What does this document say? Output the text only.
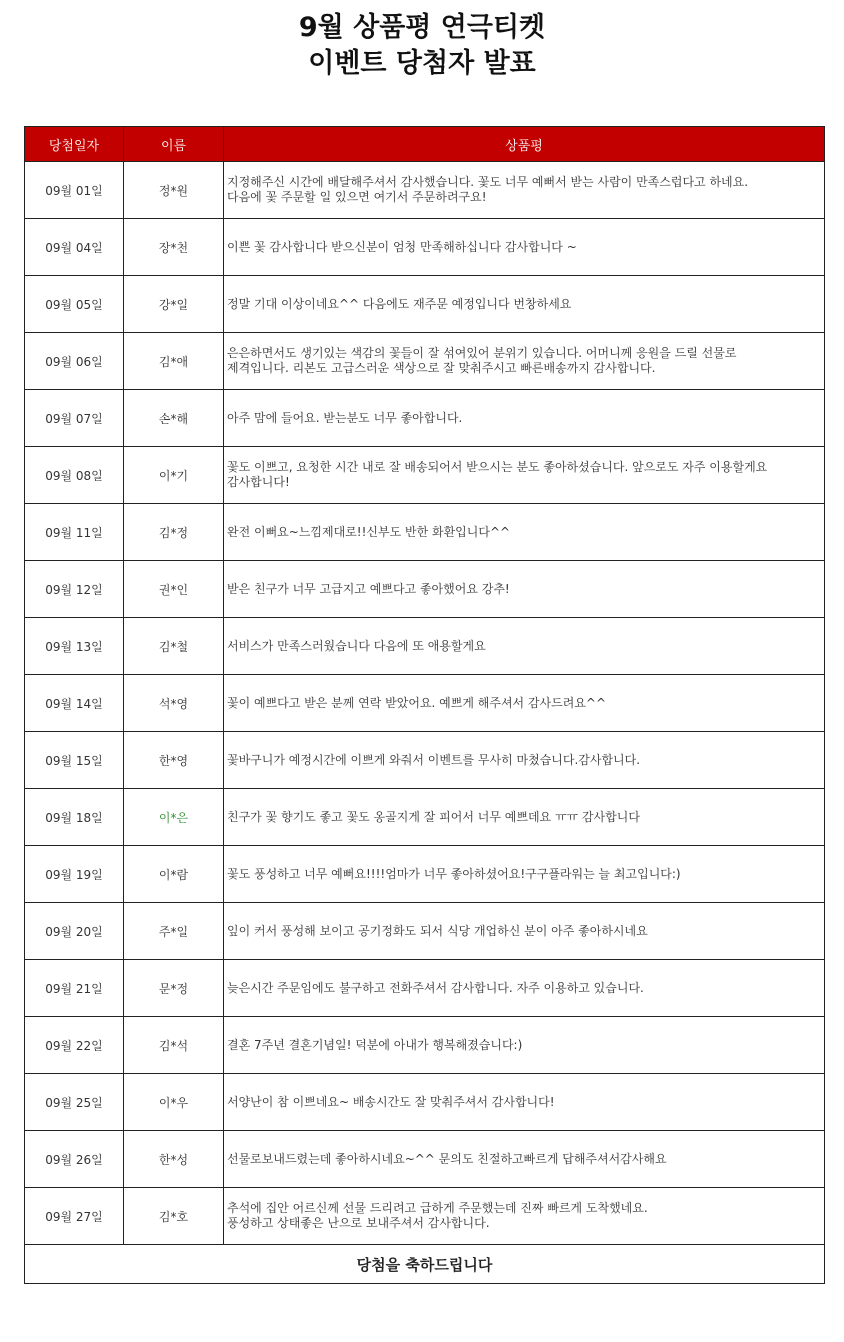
9월 상품평 연극티켓
이벤트 당첨자 발표
당첨일자	이름	상품평
09월 01일	정*원	지정해주신 시간에 배달해주셔서 감사했습니다. 꽃도 너무 예뻐서 받는 사람이 만족스럽다고 하네요.
다음에 꽃 주문할 일 있으면 여기서 주문하려구요!
09월 04일	장*천	이쁜 꽃 감사합니다 받으신분이 엄청 만족해하십니다 감사합니다 ~
09월 05일	강*일	정말 기대 이상이네요^^ 다음에도 재주문 예정입니다 번창하세요
09월 06일	김*애	은은하면서도 생기있는 색감의 꽃들이 잘 섞여있어 분위기 있습니다. 어머니께 응원을 드릴 선물로
제격입니다. 리본도 고급스러운 색상으로 잘 맞춰주시고 빠른배송까지 감사합니다.
09월 07일	손*해	아주 맘에 들어요. 받는분도 너무 좋아합니다.
09월 08일	이*기	꽃도 이쁘고, 요청한 시간 내로 잘 배송되어서 받으시는 분도 좋아하셨습니다. 앞으로도 자주 이용할게요
감사합니다!
09월 11일	김*정	완전 이뻐요~느낌제대로!!신부도 반한 화환입니다^^
09월 12일	권*인	받은 친구가 너무 고급지고 예쁘다고 좋아했어요 강추!
09월 13일	김*철	서비스가 만족스러웠습니다 다음에 또 애용할게요
09월 14일	석*영	꽃이 예쁘다고 받은 분께 연락 받았어요. 예쁘게 해주셔서 감사드려요^^
09월 15일	한*영	꽃바구니가 예정시간에 이쁘게 와줘서 이벤트를 무사히 마쳤습니다.감사합니다.
09월 18일	이*은	친구가 꽃 향기도 좋고 꽃도 옹골지게 잘 피어서 너무 예쁘데요 ㅠㅠ 감사합니다
09월 19일	이*람	꽃도 풍성하고 너무 예뻐요!!!!엄마가 너무 좋아하셨어요!구구플라워는 늘 최고입니다:)
09월 20일	주*일	잎이 커서 풍성해 보이고 공기정화도 되서 식당 개업하신 분이 아주 좋아하시네요
09월 21일	문*정	늦은시간 주문임에도 불구하고 전화주셔서 감사합니다. 자주 이용하고 있습니다.
09월 22일	김*석	결혼 7주년 결혼기념일! 덕분에 아내가 행복해졌습니다:)
09월 25일	이*우	서양난이 참 이쁘네요~ 배송시간도 잘 맞춰주셔서 감사합니다!
09월 26일	한*성	선물로보내드렸는데 좋아하시네요~^^ 문의도 친절하고빠르게 답해주셔서감사해요
09월 27일	김*호	추석에 집안 어르신께 선물 드리려고 급하게 주문했는데 진짜 빠르게 도착했네요.
풍성하고 상태좋은 난으로 보내주셔서 감사합니다.
당첨을 축하드립니다		
